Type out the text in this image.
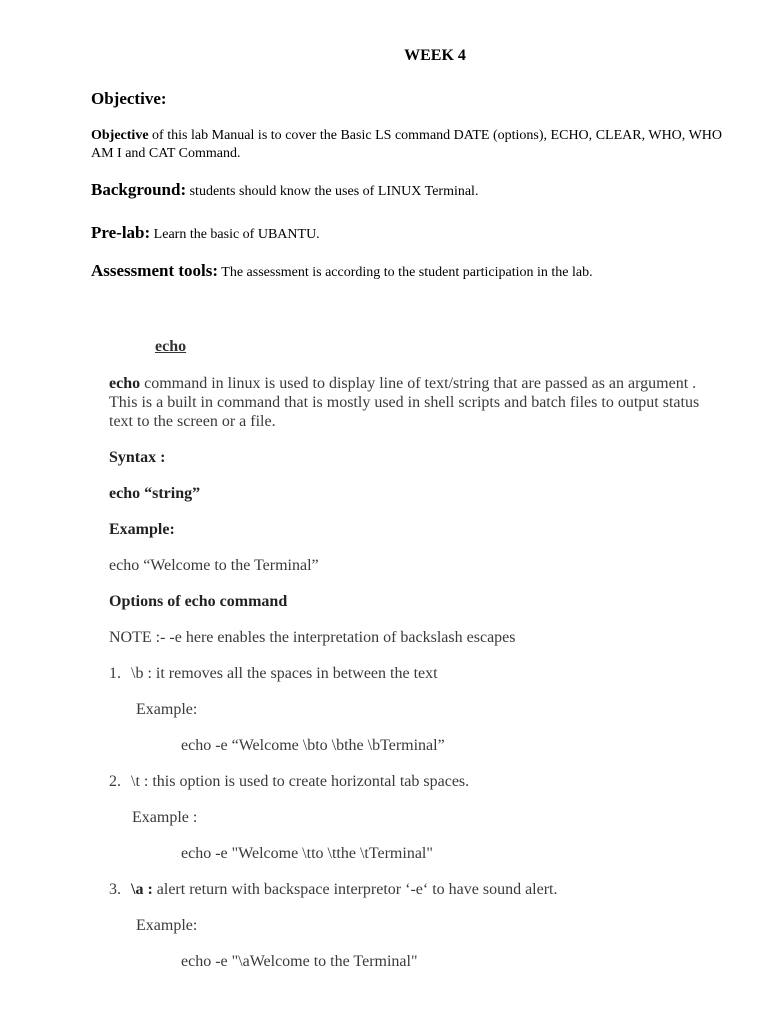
WEEK 4
Objective:
Objective of this lab Manual is to cover the Basic LS command DATE (options), ECHO, CLEAR, WHO, WHO AM I and CAT Command.
Background: students should know the uses of LINUX Terminal.
Pre-lab: Learn the basic of UBANTU.
Assessment tools: The assessment is according to the student participation in the lab.
echo
echo command in linux is used to display line of text/string that are passed as an argument . This is a built in command that is mostly used in shell scripts and batch files to output status text to the screen or a file.
Syntax :
echo “string”
Example:
echo “Welcome to the Terminal”
Options of echo command
NOTE :- -e here enables the interpretation of backslash escapes
1. \b : it removes all the spaces in between the text
Example:
echo -e “Welcome \bto \bthe \bTerminal”
2. \t : this option is used to create horizontal tab spaces.
Example :
echo -e "Welcome \tto \tthe \tTerminal"
3. \a : alert return with backspace interpretor ‘-e‘ to have sound alert.
Example:
echo -e "\aWelcome to the Terminal"
